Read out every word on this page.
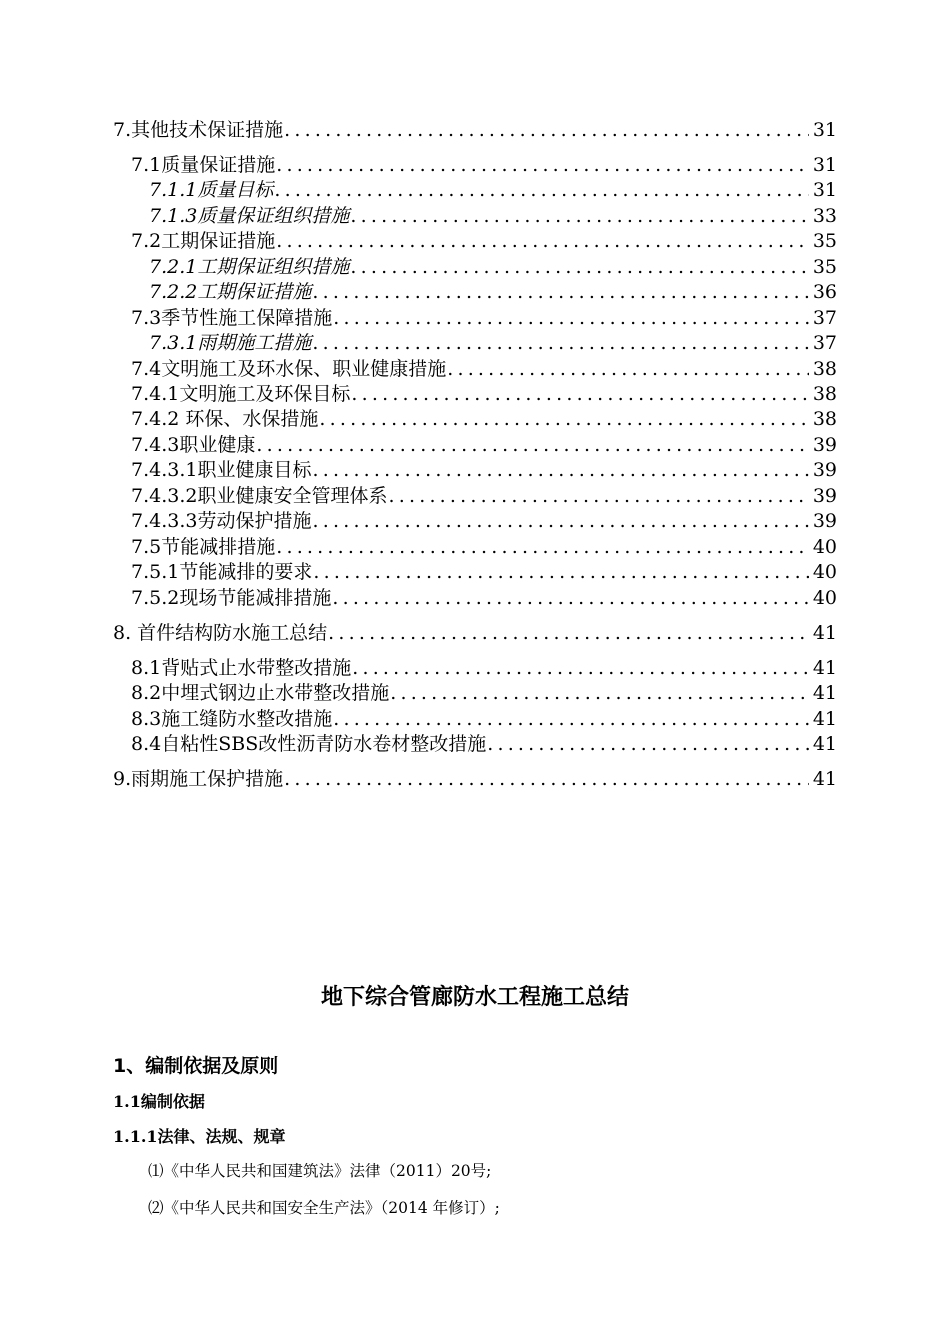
7.其他技术保证措施 .....	31
7.1质量保证措施 .....	31
7.1.1质量目标 .....	31
7.1.3质量保证组织措施 .....	33
7.2工期保证措施 .....	35
7.2.1工期保证组织措施 .....	35
7.2.2工期保证措施 .....	36
7.3季节性施工保障措施 .....	37
7.3.1雨期施工措施 .....	37
7.4文明施工及环水保、职业健康措施 .....	38
7.4.1文明施工及环保目标 .....	38
7.4.2 环保、水保措施 .....	38
7.4.3职业健康 .....	39
7.4.3.1职业健康目标 .....	39
7.4.3.2职业健康安全管理体系 .....	39
7.4.3.3劳动保护措施 .....	39
7.5节能减排措施 .....	40
7.5.1节能减排的要求 .....	40
7.5.2现场节能减排措施 .....	40
8. 首件结构防水施工总结 .....	41
8.1背贴式止水带整改措施 .....	41
8.2中埋式钢边止水带整改措施 .....	41
8.3施工缝防水整改措施 .....	41
8.4自粘性SBS改性沥青防水卷材整改措施 .....	41
9.雨期施工保护措施 .....	41
地下综合管廊防水工程施工总结
1、编制依据及原则
1.1编制依据
1.1.1法律、法规、规章
⑴《中华人民共和国建筑法》法律（2011）20号;
⑵《中华人民共和国安全生产法》（2014 年修订）;
